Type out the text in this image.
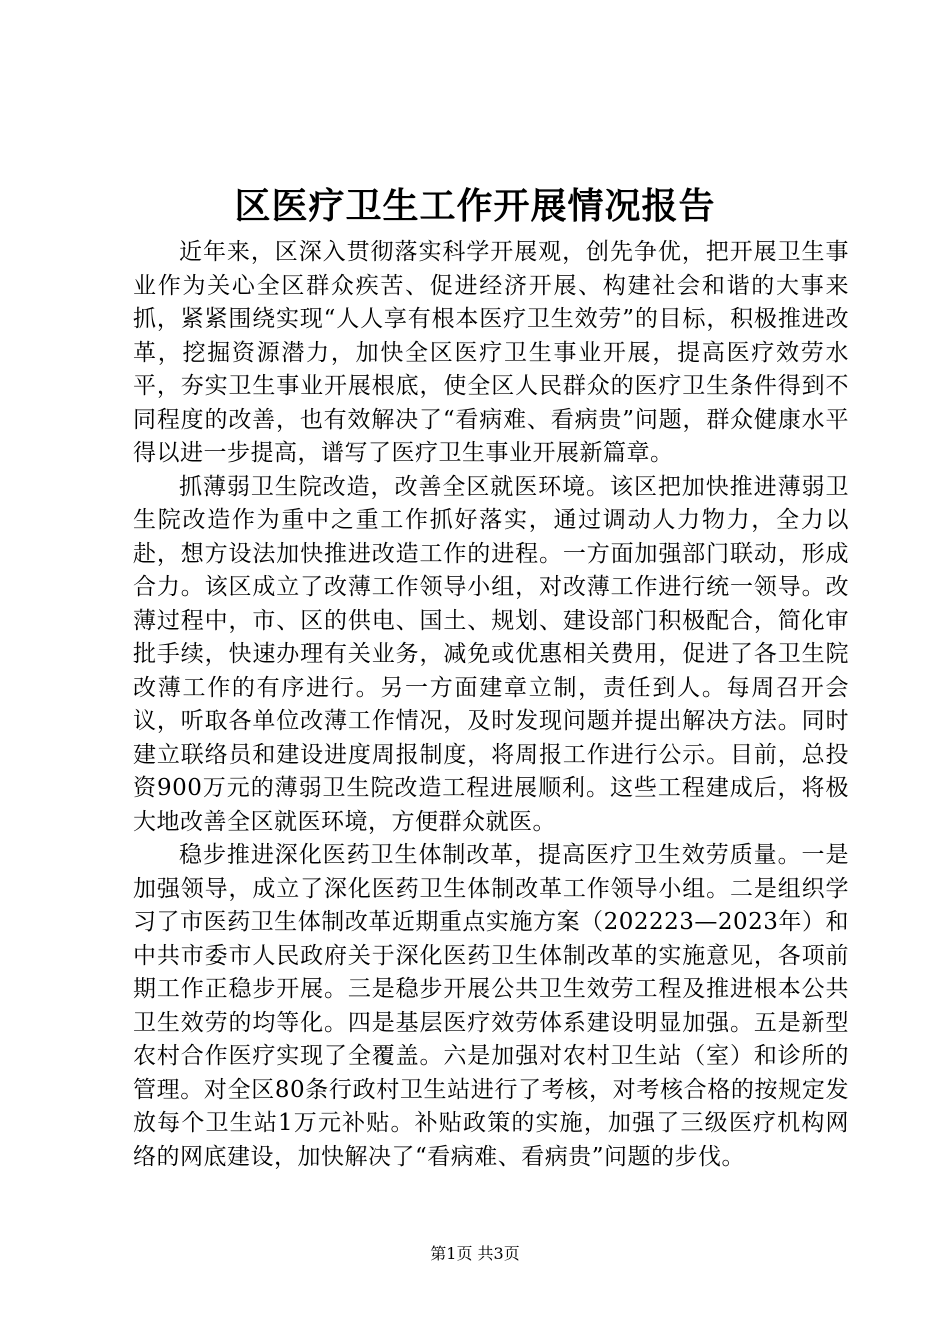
区医疗卫生工作开展情况报告

近年来，区深入贯彻落实科学开展观，创先争优，把开展卫生事业作为关心全区群众疾苦、促进经济开展、构建社会和谐的大事来抓，紧紧围绕实现“人人享有根本医疗卫生效劳”的目标，积极推进改革，挖掘资源潜力，加快全区医疗卫生事业开展，提高医疗效劳水平，夯实卫生事业开展根底，使全区人民群众的医疗卫生条件得到不同程度的改善，也有效解决了“看病难、看病贵”问题，群众健康水平得以进一步提高，谱写了医疗卫生事业开展新篇章。

抓薄弱卫生院改造，改善全区就医环境。该区把加快推进薄弱卫生院改造作为重中之重工作抓好落实，通过调动人力物力，全力以赴，想方设法加快推进改造工作的进程。一方面加强部门联动，形成合力。该区成立了改薄工作领导小组，对改薄工作进行统一领导。改薄过程中，市、区的供电、国土、规划、建设部门积极配合，简化审批手续，快速办理有关业务，减免或优惠相关费用，促进了各卫生院改薄工作的有序进行。另一方面建章立制，责任到人。每周召开会议，听取各单位改薄工作情况，及时发现问题并提出解决方法。同时建立联络员和建设进度周报制度，将周报工作进行公示。目前，总投资900万元的薄弱卫生院改造工程进展顺利。这些工程建成后，将极大地改善全区就医环境，方便群众就医。

稳步推进深化医药卫生体制改革，提高医疗卫生效劳质量。一是加强领导，成立了深化医药卫生体制改革工作领导小组。二是组织学习了市医药卫生体制改革近期重点实施方案（202223—2023年）和中共市委市人民政府关于深化医药卫生体制改革的实施意见，各项前期工作正稳步开展。三是稳步开展公共卫生效劳工程及推进根本公共卫生效劳的均等化。四是基层医疗效劳体系建设明显加强。五是新型农村合作医疗实现了全覆盖。六是加强对农村卫生站（室）和诊所的管理。对全区80条行政村卫生站进行了考核，对考核合格的按规定发放每个卫生站1万元补贴。补贴政策的实施，加强了三级医疗机构网络的网底建设，加快解决了“看病难、看病贵”问题的步伐。

第1页 共3页
